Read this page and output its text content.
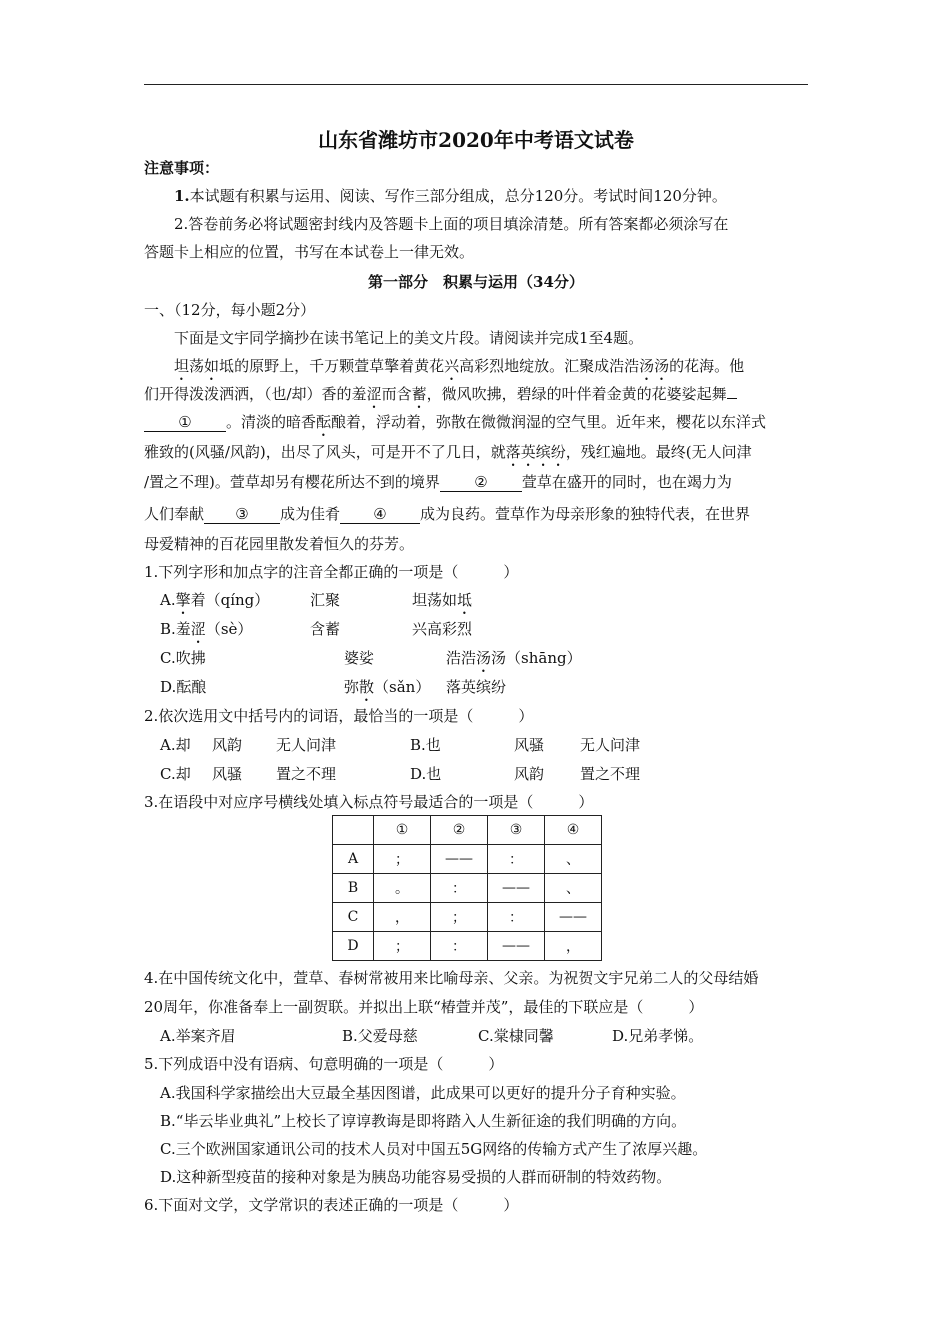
山东省潍坊市2020年中考语文试卷
注意事项：
1.本试题有积累与运用、阅读、写作三部分组成，总分120分。考试时间120分钟。
2.答卷前务必将试题密封线内及答题卡上面的项目填涂清楚。所有答案都必须涂写在
答题卡上相应的位置，书写在本试卷上一律无效。
第一部分　积累与运用（34分）
一、（12分，每小题2分）
下面是文宇同学摘抄在读书笔记上的美文片段。请阅读并完成1至4题。
坦荡如坻的原野上，千万颗萱草擎着黄花兴高彩烈地绽放。汇聚成浩浩汤汤的花海。他
们开得泼泼洒洒，（也/却）香的羞涩而含蓄，微风吹拂，碧绿的叶伴着金黄的花婆娑起舞
① 。清淡的暗香酝酿着，浮动着，弥散在微微润湿的空气里。近年来，樱花以东洋式
雅致的(风骚/风韵)，出尽了风头，可是开不了几日，就落英缤纷，残红遍地。最终(无人问津
/置之不理)。萱草却另有樱花所达不到的境界 ② 萱草在盛开的同时，也在竭力为
人们奉献 ③ 成为佳肴 ④ 成为良药。萱草作为母亲形象的独特代表，在世界
母爱精神的百花园里散发着恒久的芬芳。
1.下列字形和加点字的注音全都正确的一项是（　　　）
A.擎着（qíng）	汇聚	坦荡如坻
B.羞涩（sè）	含蓄	兴高彩烈
C.吹拂	婆娑	浩浩汤汤（shāng）
D.酝酿	弥散（sǎn） 落英缤纷
2.依次选用文中括号内的词语，最恰当的一项是（　　　）
A.却 风韵 无人问津	B.也	风骚 无人问津
C.却 风骚 置之不理	D.也	风韵 置之不理
3.在语段中对应序号横线处填入标点符号最适合的一项是（　　　）
	①	②	③	④
A	；	——	：	、
B	。	：	——	、
C	，	；	：	——
D	；	：	——	，
4.在中国传统文化中，萱草、春树常被用来比喻母亲、父亲。为祝贺文宇兄弟二人的父母结婚
20周年，你准备奉上一副贺联。并拟出上联“椿萱并茂”，最佳的下联应是（　　　）
A.举案齐眉	B.父爱母慈	C.棠棣同馨	D.兄弟孝悌。
5.下列成语中没有语病、句意明确的一项是（　　　）
A.我国科学家描绘出大豆最全基因图谱，此成果可以更好的提升分子育种实验。
B.“毕云毕业典礼”上校长了谆谆教诲是即将踏入人生新征途的我们明确的方向。
C.三个欧洲国家通讯公司的技术人员对中国五5G网络的传输方式产生了浓厚兴趣。
D.这种新型疫苗的接种对象是为胰岛功能容易受损的人群而研制的特效药物。
6.下面对文学，文学常识的表述正确的一项是（　　　）
